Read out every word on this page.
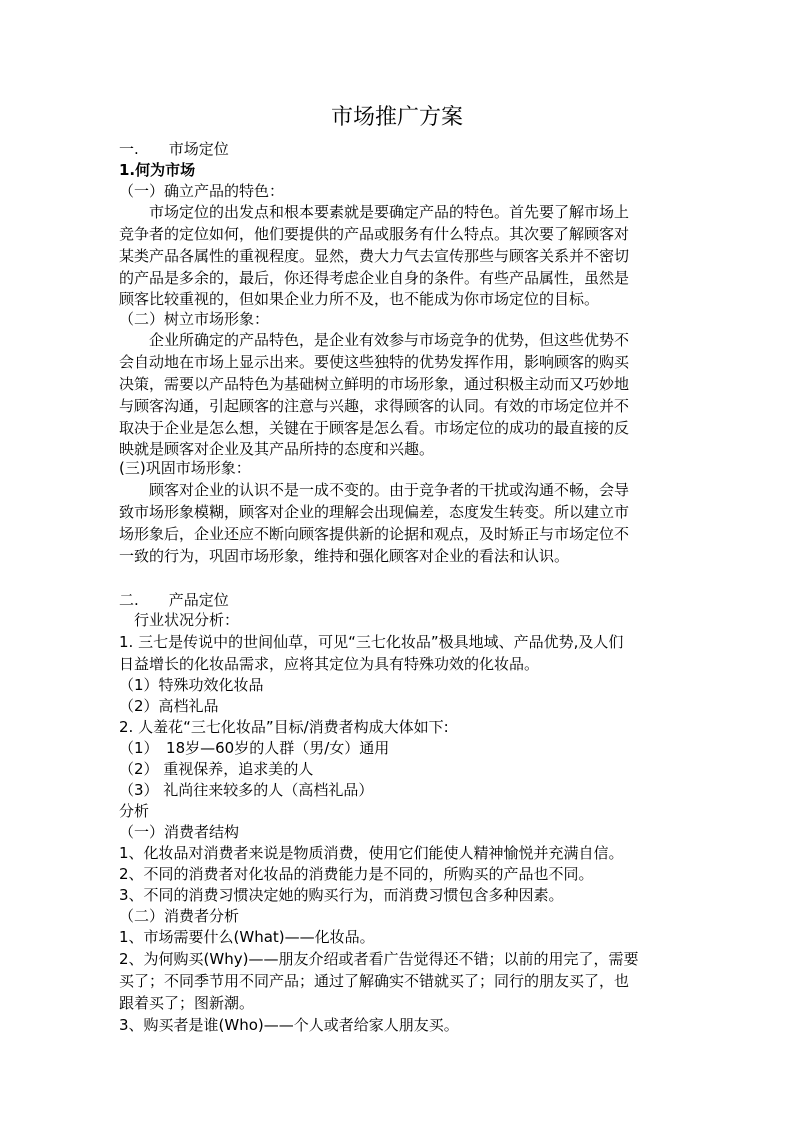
市场推广方案
一.　　市场定位
1.何为市场
（一）确立产品的特色：
　　市场定位的出发点和根本要素就是要确定产品的特色。首先要了解市场上
竞争者的定位如何，他们要提供的产品或服务有什么特点。其次要了解顾客对
某类产品各属性的重视程度。显然，费大力气去宣传那些与顾客关系并不密切
的产品是多余的，最后，你还得考虑企业自身的条件。有些产品属性，虽然是
顾客比较重视的，但如果企业力所不及，也不能成为你市场定位的目标。
（二）树立市场形象：
　　企业所确定的产品特色，是企业有效参与市场竞争的优势，但这些优势不
会自动地在市场上显示出来。要使这些独特的优势发挥作用，影响顾客的购买
决策，需要以产品特色为基础树立鲜明的市场形象，通过积极主动而又巧妙地
与顾客沟通，引起顾客的注意与兴趣，求得顾客的认同。有效的市场定位并不
取决于企业是怎么想，关键在于顾客是怎么看。市场定位的成功的最直接的反
映就是顾客对企业及其产品所持的态度和兴趣。
(三)巩固市场形象：
　　顾客对企业的认识不是一成不变的。由于竞争者的干扰或沟通不畅，会导
致市场形象模糊，顾客对企业的理解会出现偏差，态度发生转变。所以建立市
场形象后，企业还应不断向顾客提供新的论据和观点，及时矫正与市场定位不
一致的行为，巩固市场形象，维持和强化顾客对企业的看法和认识。
二.　　产品定位
　行业状况分析：
1. 三七是传说中的世间仙草，可见“三七化妆品”极具地域、产品优势,及人们
日益增长的化妆品需求，应将其定位为具有特殊功效的化妆品。
（1）特殊功效化妆品
（2）高档礼品
2. 人羞花“三七化妆品”目标/消费者构成大体如下:
（1）　18岁—60岁的人群（男/女）通用
（2） 重视保养，追求美的人
（3） 礼尚往来较多的人（高档礼品）
分析
（一）消费者结构
1、化妆品对消费者来说是物质消费，使用它们能使人精神愉悦并充满自信。
2、不同的消费者对化妆品的消费能力是不同的，所购买的产品也不同。
3、不同的消费习惯决定她的购买行为，而消费习惯包含多种因素。
（二）消费者分析
1、市场需要什么(What)——化妆品。
2、为何购买(Why)——朋友介绍或者看广告觉得还不错；以前的用完了，需要
买了；不同季节用不同产品；通过了解确实不错就买了；同行的朋友买了，也
跟着买了；图新潮。
3、购买者是谁(Who)——个人或者给家人朋友买。
